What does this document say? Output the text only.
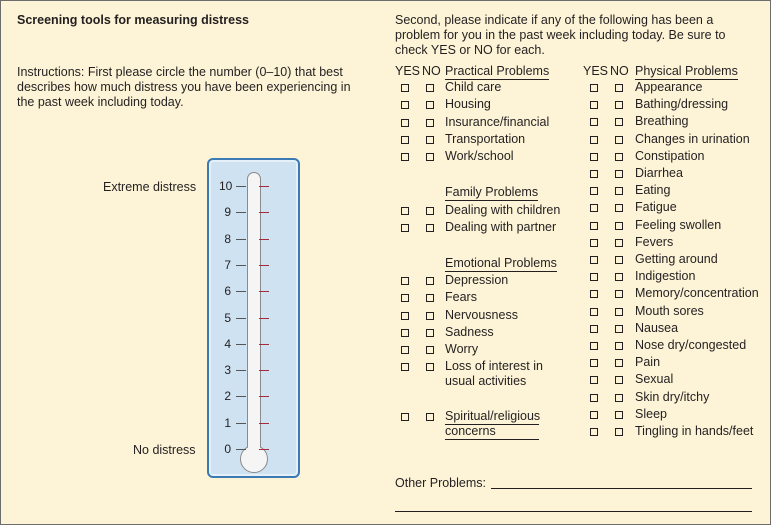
Screening tools for measuring distress
Instructions: First please circle the number (0–10) that best describes how much distress you have been experiencing in the past week including today.
Second, please indicate if any of the following has been a problem for you in the past week including today. Be sure to check YES or NO for each.
Extreme distress
No distress
10
9
8
7
6
5
4
3
2
1
0
YES NO Practical Problems
Child care
Housing
Insurance/financial
Transportation
Work/school
Family Problems
Dealing with children
Dealing with partner
Emotional Problems
Depression
Fears
Nervousness
Sadness
Worry
Loss of interest in
usual activities
Spiritual/religious
concerns
YES NO Physical Problems
Appearance
Bathing/dressing
Breathing
Changes in urination
Constipation
Diarrhea
Eating
Fatigue
Feeling swollen
Fevers
Getting around
Indigestion
Memory/concentration
Mouth sores
Nausea
Nose dry/congested
Pain
Sexual
Skin dry/itchy
Sleep
Tingling in hands/feet
Other Problems:
